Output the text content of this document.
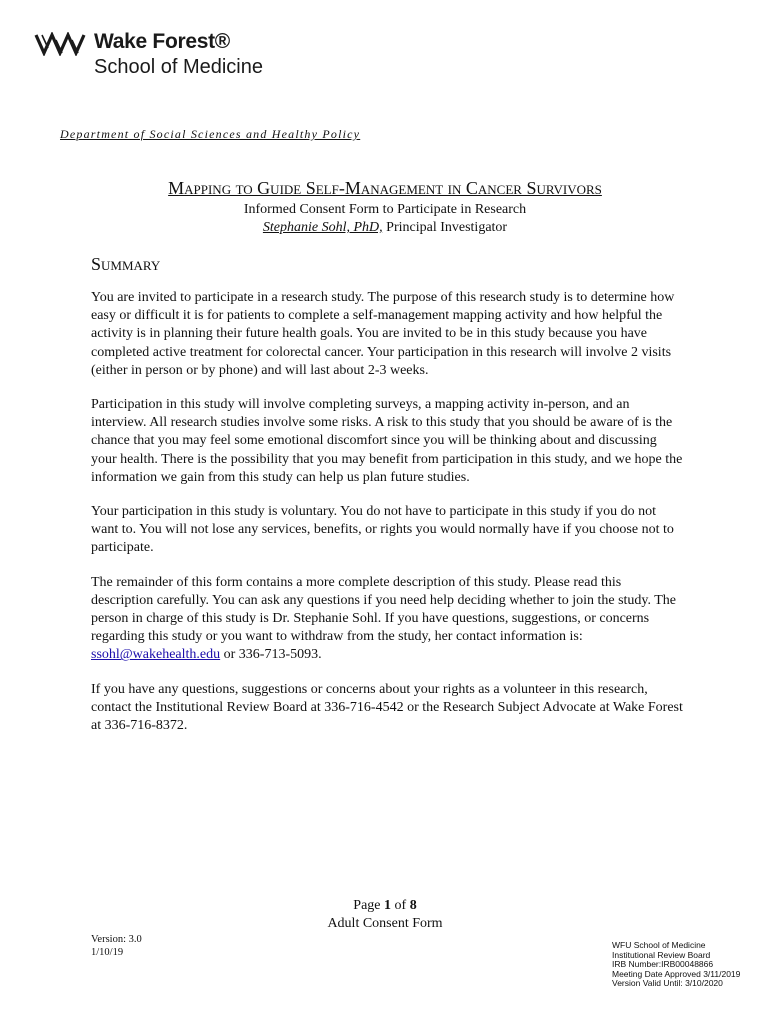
Wake Forest®
School of Medicine
Department of Social Sciences and Healthy Policy
Mapping to Guide Self-Management in Cancer Survivors
Informed Consent Form to Participate in Research
Stephanie Sohl, PhD, Principal Investigator
Summary

You are invited to participate in a research study. The purpose of this research study is to determine how easy or difficult it is for patients to complete a self-management mapping activity and how helpful the activity is in planning their future health goals. You are invited to be in this study because you have completed active treatment for colorectal cancer. Your participation in this research will involve 2 visits (either in person or by phone) and will last about 2-3 weeks.

Participation in this study will involve completing surveys, a mapping activity in-person, and an interview. All research studies involve some risks. A risk to this study that you should be aware of is the chance that you may feel some emotional discomfort since you will be thinking about and discussing your health. There is the possibility that you may benefit from participation in this study, and we hope the information we gain from this study can help us plan future studies.

Your participation in this study is voluntary. You do not have to participate in this study if you do not want to. You will not lose any services, benefits, or rights you would normally have if you choose not to participate.

The remainder of this form contains a more complete description of this study. Please read this description carefully. You can ask any questions if you need help deciding whether to join the study. The person in charge of this study is Dr. Stephanie Sohl. If you have questions, suggestions, or concerns regarding this study or you want to withdraw from the study, her contact information is: ssohl@wakehealth.edu or 336-713-5093.

If you have any questions, suggestions or concerns about your rights as a volunteer in this research, contact the Institutional Review Board at 336-716-4542 or the Research Subject Advocate at Wake Forest at 336-716-8372.

Page 1 of 8
Adult Consent Form
Version: 3.0
1/10/19
WFU School of Medicine
Institutional Review Board
IRB Number:IRB00048866
Meeting Date Approved 3/11/2019
Version Valid Until: 3/10/2020
